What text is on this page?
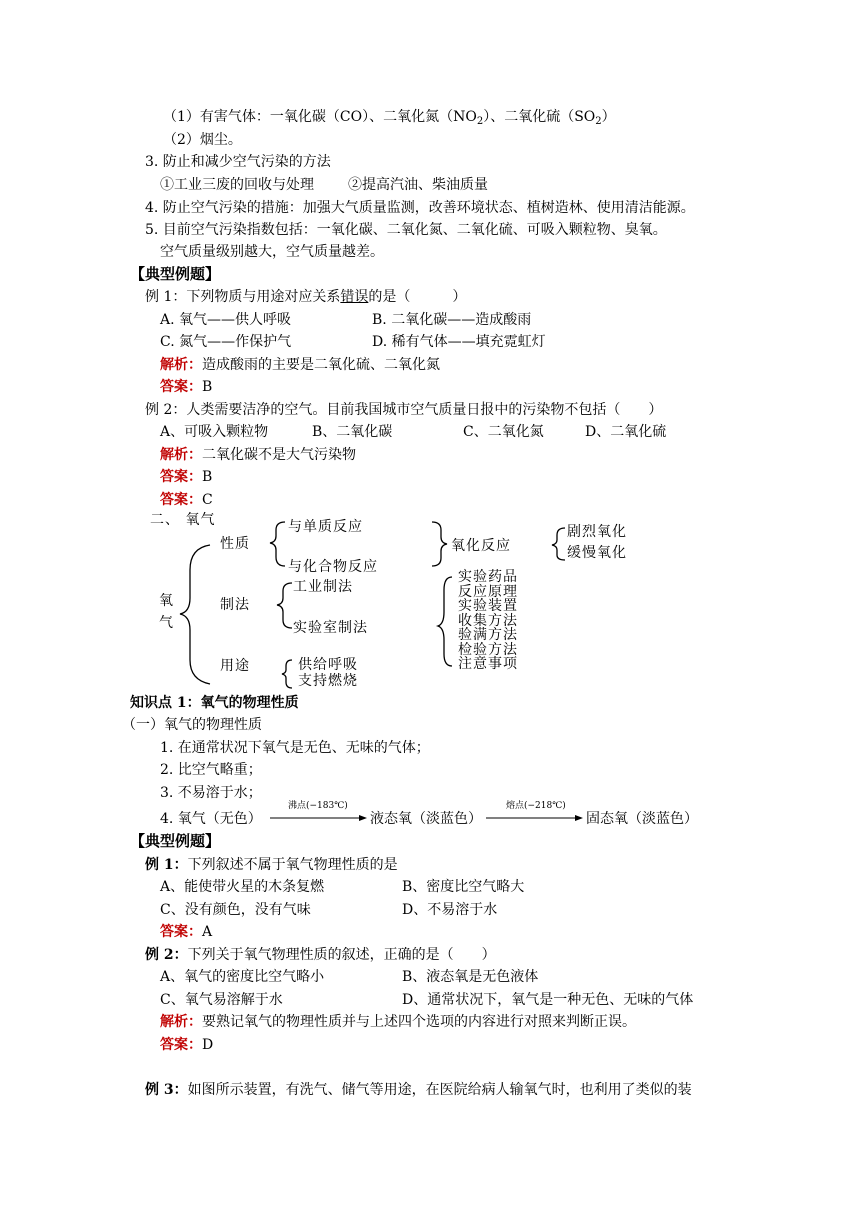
（1）有害气体：一氧化碳（CO）、二氧化氮$(NO_2)$、二氧化硫$(SO_2)$
（2）烟尘。
3. 防止和减少空气污染的方法
①工业三废的回收与处理 ②提高汽油、柴油质量
4. 防止空气污染的措施：加强大气质量监测，改善环境状态、植树造林、使用清洁能源。
5. 目前空气污染指数包括：一氧化碳、二氧化氮、二氧化硫、可吸入颗粒物、臭氧。
空气质量级别越大，空气质量越差。
【典型例题】
例 1：下列物质与用途对应关系错误的是（　　　）
A. 氧气——供人呼吸	B. 二氧化碳——造成酸雨
C. 氮气——作保护气	D. 稀有气体——填充霓虹灯
解析：造成酸雨的主要是二氧化硫、二氧化氮
答案：B
例 2：人类需要洁净的空气。目前我国城市空气质量日报中的污染物不包括（　　）
A、可吸入颗粒物	B、二氧化碳	C、二氧化氮	D、二氧化硫
解析：二氧化碳不是大气污染物
答案：B
答案：C
二、 氧气
氧气
性质
与单质反应
与化合物反应
氧化反应
剧烈氧化
缓慢氧化
制法
工业制法
实验室制法
实验药品
反应原理
实验装置
收集方法
验满方法
检验方法
注意事项
用途	供给呼吸
支持燃烧
知识点 1：氧气的物理性质
（一）氧气的物理性质
1. 在通常状况下氧气是无色、无味的气体；
2. 比空气略重；
3. 不易溶于水；
4. 氧气（无色）
沸点(−183℃)
液态氧（淡蓝色）
熔点(−218℃)
固态氧（淡蓝色）
【典型例题】
例 1：下列叙述不属于氧气物理性质的是
A、能使带火星的木条复燃	B、密度比空气略大
C、没有颜色，没有气味	D、不易溶于水
答案：A
例 2：下列关于氧气物理性质的叙述，正确的是（　　）
A、氧气的密度比空气略小	B、液态氧是无色液体
C、氧气易溶解于水	D、通常状况下，氧气是一种无色、无味的气体
解析：要熟记氧气的物理性质并与上述四个选项的内容进行对照来判断正误。
答案：D
例 3：如图所示装置，有洗气、储气等用途，在医院给病人输氧气时，也利用了类似的装
